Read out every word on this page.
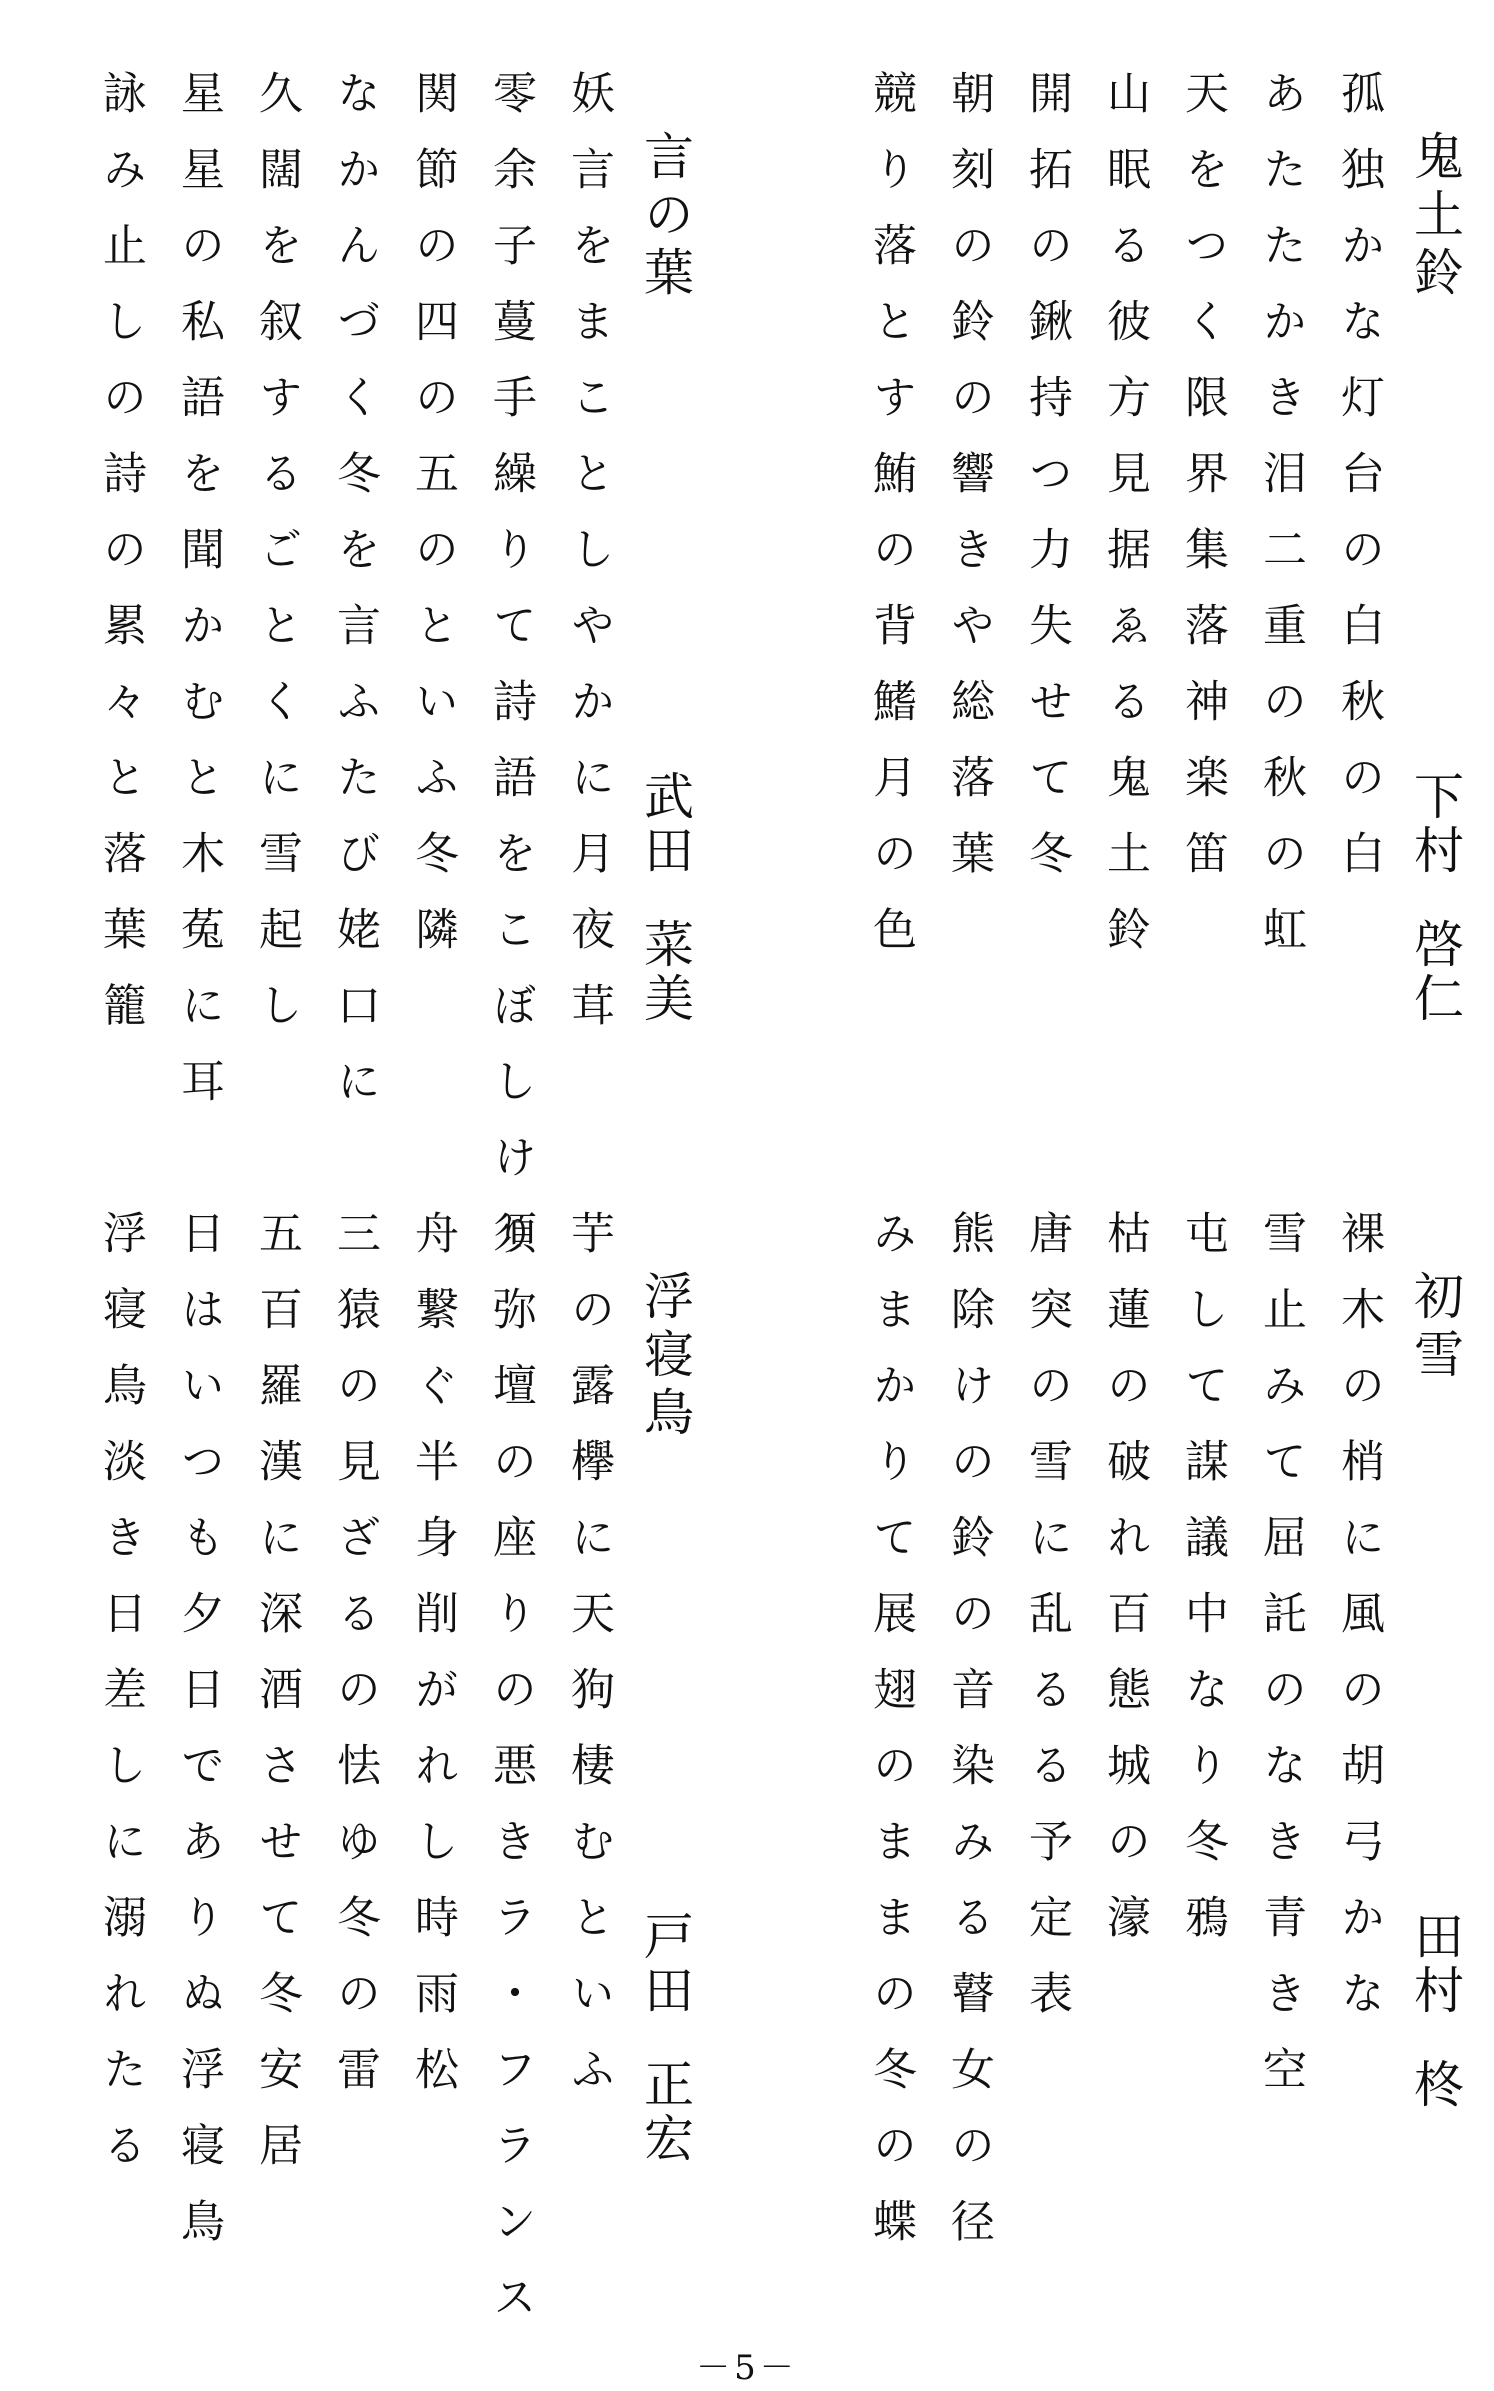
鬼土鈴
下村啓仁
孤独かな灯台の白秋の白
あたたかき泪二重の秋の虹
天をつく限界集落神楽笛
山眠る彼方見据ゑる鬼土鈴
開拓の鍬持つ力失せて冬
朝刻の鈴の響きや総落葉
競り落とす鮪の背鰭月の色
言の葉
武田菜美
妖言をまことしやかに月夜茸
零余子蔓手繰りて詩語をこぼしけり
関節の四の五のといふ冬隣
なかんづく冬を言ふたび姥口に
久闊を叙するごとくに雪起し
星星の私語を聞かむと木菟に耳
詠み止しの詩の累々と落葉籠
初雪
田村柊
裸木の梢に風の胡弓かな
雪止みて屈託のなき青き空
屯して謀議中なり冬鴉
枯蓮の破れ百態城の濠
唐突の雪に乱るる予定表
熊除けの鈴の音染みる瞽女の径
みまかりて展翅のままの冬の蝶
浮寝鳥
戸田正宏
芋の露欅に天狗棲むといふ
須弥壇の座りの悪きラ・フランス
舟繋ぐ半身削がれし時雨松
三猿の見ざるの怯ゆ冬の雷
五百羅漢に深酒させて冬安居
日はいつも夕日でありぬ浮寝鳥
浮寝鳥淡き日差しに溺れたる
－5－
